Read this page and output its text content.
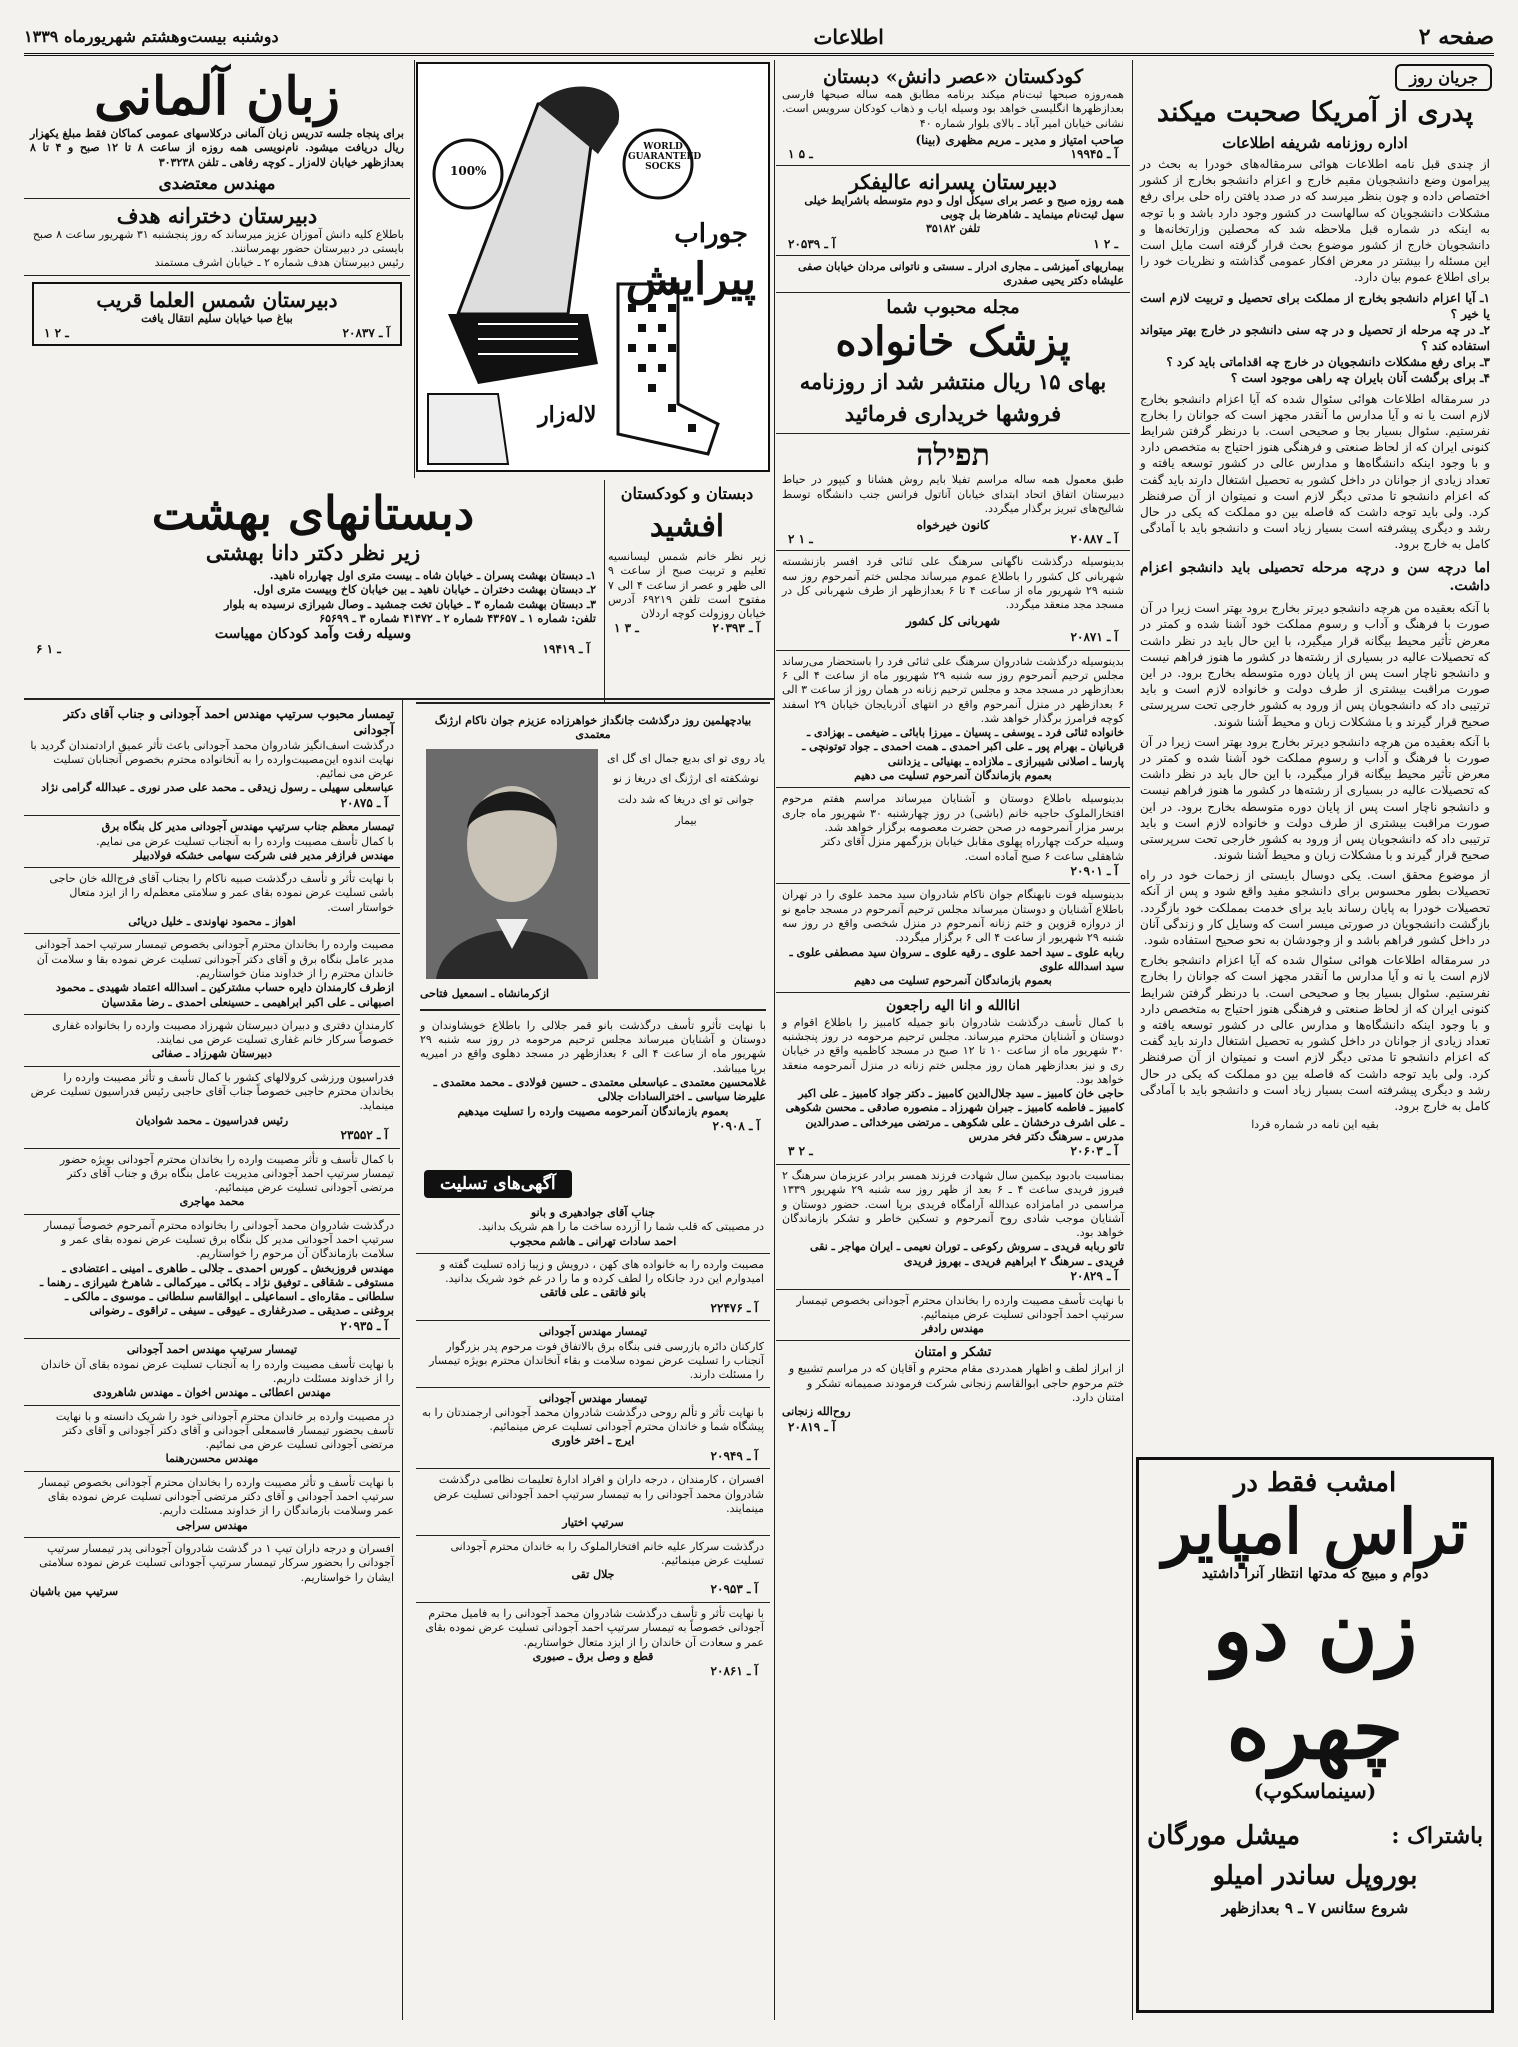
صفحه ۲
اطلاعات
دوشنبه بیست‌وهشتم شهریورماه ۱۳۳۹
جریان روز
پدری از آمریکا صحبت میکند
اداره روزنامه شریفه اطلاعات

از چندی قبل نامه اطلاعات هوائی سرمقاله‌های خودرا به بحث در پیرامون وضع دانشجویان مقیم خارج و اعزام دانشجو بخارج از کشور اختصاص داده و چون بنظر میرسد که در صدد یافتن راه حلی برای رفع مشکلات دانشجویان که سالهاست در کشور وجود دارد باشد و با توجه به اینکه در شماره قبل ملاحظه شد که محصلین وزارتخانه‌ها و دانشجویان خارج از کشور موضوع بحث قرار گرفته است مایل است این مسئله را بیشتر در معرض افکار عمومی گذاشته و نظریات خود را برای اطلاع عموم بیان دارد.

۱ـ آیا اعزام دانشجو بخارج از مملکت برای تحصیل و تربیت لازم است یا خیر ؟

۲ـ در چه مرحله از تحصیل و در چه سنی دانشجو در خارج بهتر میتواند استفاده کند ؟

۳ـ برای رفع مشکلات دانشجویان در خارج چه اقداماتی باید کرد ؟

۴ـ برای برگشت آنان بایران چه راهی موجود است ؟

در سرمقاله اطلاعات هوائی سئوال شده که آیا اعزام دانشجو بخارج لازم است یا نه و آیا مدارس ما آنقدر مجهز است که جوانان را بخارج نفرستیم. سئوال بسیار بجا و صحیحی است. با درنظر گرفتن شرایط کنونی ایران که از لحاظ صنعتی و فرهنگی هنوز احتیاج به متخصص دارد و با وجود اینکه دانشگاه‌ها و مدارس عالی در کشور توسعه یافته و تعداد زیادی از جوانان در داخل کشور به تحصیل اشتغال دارند باید گفت که اعزام دانشجو تا مدتی دیگر لازم است و نمیتوان از آن صرفنظر کرد. ولی باید توجه داشت که فاصله بین دو مملکت که یکی در حال رشد و دیگری پیشرفته است بسیار زیاد است و دانشجو باید با آمادگی کامل به خارج برود.

اما درچه سن و درچه مرحله تحصیلی باید دانشجو اعزام داشت.

با آنکه بعقیده من هرچه دانشجو دیرتر بخارج برود بهتر است زیرا در آن صورت با فرهنگ و آداب و رسوم مملکت خود آشنا شده و کمتر در معرض تأثیر محیط بیگانه قرار میگیرد، با این حال باید در نظر داشت که تحصیلات عالیه در بسیاری از رشته‌ها در کشور ما هنوز فراهم نیست و دانشجو ناچار است پس از پایان دوره متوسطه بخارج برود. در این صورت مراقبت بیشتری از طرف دولت و خانواده لازم است و باید ترتیبی داد که دانشجویان پس از ورود به کشور خارجی تحت سرپرستی صحیح قرار گیرند و با مشکلات زبان و محیط آشنا شوند.

با آنکه بعقیده من هرچه دانشجو دیرتر بخارج برود بهتر است زیرا در آن صورت با فرهنگ و آداب و رسوم مملکت خود آشنا شده و کمتر در معرض تأثیر محیط بیگانه قرار میگیرد، با این حال باید در نظر داشت که تحصیلات عالیه در بسیاری از رشته‌ها در کشور ما هنوز فراهم نیست و دانشجو ناچار است پس از پایان دوره متوسطه بخارج برود. در این صورت مراقبت بیشتری از طرف دولت و خانواده لازم است و باید ترتیبی داد که دانشجویان پس از ورود به کشور خارجی تحت سرپرستی صحیح قرار گیرند و با مشکلات زبان و محیط آشنا شوند.

از موضوع محقق است. یکی دوسال بایستی از زحمات خود در راه تحصیلات بطور محسوس برای دانشجو مفید واقع شود و پس از آنکه تحصیلات خودرا به پایان رساند باید برای خدمت بمملکت خود بازگردد. بازگشت دانشجویان در صورتی میسر است که وسایل کار و زندگی آنان در داخل کشور فراهم باشد و از وجودشان به نحو صحیح استفاده شود.

در سرمقاله اطلاعات هوائی سئوال شده که آیا اعزام دانشجو بخارج لازم است یا نه و آیا مدارس ما آنقدر مجهز است که جوانان را بخارج نفرستیم. سئوال بسیار بجا و صحیحی است. با درنظر گرفتن شرایط کنونی ایران که از لحاظ صنعتی و فرهنگی هنوز احتیاج به متخصص دارد و با وجود اینکه دانشگاه‌ها و مدارس عالی در کشور توسعه یافته و تعداد زیادی از جوانان در داخل کشور به تحصیل اشتغال دارند باید گفت که اعزام دانشجو تا مدتی دیگر لازم است و نمیتوان از آن صرفنظر کرد. ولی باید توجه داشت که فاصله بین دو مملکت که یکی در حال رشد و دیگری پیشرفته است بسیار زیاد است و دانشجو باید با آمادگی کامل به خارج برود.

بقیه این نامه در شماره فردا

امشب فقط در
تراس امپایر
دوام و مبیج که مدتها انتظار آنرا داشتید
زن دو چهره
(سینماسکوپ)
باشتراک :
میشل مورگان
بوروپل ساندر امیلو
شروع سئانس ۷ ـ ۹ بعدازظهر
کودکستان «عصر دانش» دبستان
همه‌روزه صبحها ثبت‌نام میکند برنامه مطابق همه ساله صبحها فارسی بعدازظهرها انگلیسی خواهد بود وسیله ایاب و ذهاب کودکان سرویس است. نشانی خیابان امیر آباد ـ بالای بلوار شماره ۴۰
صاحب امتیاز و مدیر ـ مریم مظهری (بینا)
۱ ـ ۵	آ ـ ۱۹۹۴۵
دبیرستان پسرانه عالیفکر
همه روزه صبح و عصر برای سیکل اول و دوم متوسطه باشرایط خیلی سهل ثبت‌نام مینماید ـ شاهرضا بل چوبی
تلفن ۳۵۱۸۲
آ ـ ۲۰۵۳۹	۱ ـ ۲
بیماریهای آمیزشی ـ مجاری ادرار ـ سستی و ناتوانی مردان خیابان صفی علیشاه دکتر یحیی صفدری
مجله محبوب شما
پزشک خانواده
بهای ۱۵ ریال منتشر شد از روزنامه فروشها خریداری فرمائید
תפילה
طبق معمول همه ساله مراسم تفیلا بایم روش هشانا و کیپور در حیاط دبیرستان اتفاق اتحاد ابتدای خیابان آناتول فرانس جنب دانشگاه توسط شالیح‌های تبریز برگذار میگردد.
کانون خیرخواه
۲ ـ ۱	آ ـ ۲۰۸۸۷

بدینوسیله درگذشت ناگهانی سرهنگ علی ثنائی فرد افسر بازنشسته شهربانی کل کشور را باطلاع عموم میرساند مجلس ختم آنمرحوم روز سه شنبه ۲۹ شهریور ماه از ساعت ۴ تا ۶ بعدازظهر از طرف شهربانی کل در مسجد مجد منعقد میگردد.

شهربانی کل کشور
آ ـ ۲۰۸۷۱

بدینوسیله درگذشت شادروان سرهنگ علی ثنائی فرد را باستحضار می‌رساند مجلس ترحیم آنمرحوم روز سه شنبه ۲۹ شهریور ماه از ساعت ۴ الی ۶ بعدازظهر در مسجد مجد و مجلس ترحیم زنانه در همان روز از ساعت ۳ الی ۶ بعدازظهر در منزل آنمرحوم واقع در انتهای آذربایجان خیابان ۲۹ اسفند کوچه فرامرز برگذار خواهد شد.

خانواده ثنائی فرد ـ یوسفی ـ پسیان ـ میرزا بابائی ـ ضیغمی ـ بهزادی ـ قربانیان ـ بهرام پور ـ علی اکبر احمدی ـ همت احمدی ـ جواد توتونچی ـ پارسا ـ اصلانی شیبرازی ـ ملازاده ـ بهنیائی ـ یزداننی

بعموم بازماندگان آنمرحوم تسلیت می دهیم

بدینوسیله باطلاع دوستان و آشنایان میرساند مراسم هفتم مرحوم افتخارالملوک حاجیه خانم (باشی) در روز چهارشنبه ۳۰ شهریور ماه جاری برسر مزار آنمرحومه در صحن حضرت معصومه برگزار خواهد شد.

وسیله حرکت چهارراه پهلوی مقابل خیابان بزرگمهر منزل آقای دکتر شاهقلی ساعت ۶ صبح آماده است.

آ ـ ۲۰۹۰۱

بدینوسیله فوت نابهنگام جوان ناکام شادروان سید محمد علوی را در تهران باطلاع آشنایان و دوستان میرساند مجلس ترحیم آنمرحوم در مسجد جامع نو از دروازه قزوین و ختم زنانه آنمرحوم در منزل شخصی واقع در روز سه شنبه ۲۹ شهریور از ساعت ۴ الی ۶ برگزار میگردد.

ربابه علوی ـ سید احمد علوی ـ رقیه علوی ـ سروان سید مصطفی علوی ـ سید اسدالله علوی

بعموم بازماندگان آنمرحوم تسلیت می دهیم

اناالله و انا الیه راجعون

با کمال تأسف درگذشت شادروان بانو جمیله کامبیز را باطلاع اقوام و دوستان و آشنایان محترم میرساند. مجلس ترحیم مرحومه در روز پنجشنبه ۳۰ شهریور ماه از ساعت ۱۰ تا ۱۲ صبح در مسجد کاظمیه واقع در خیابان ری و نیز بعدازظهر همان روز مجلس ختم زنانه در منزل آنمرحومه منعقد خواهد بود.

حاجی خان کامبیز ـ سید جلال‌الدین کامبیز ـ دکتر جواد کامبیز ـ علی اکبر کامبیز ـ فاطمه کامبیز ـ جبران شهرزاد ـ منصوره صادقی ـ محسن شکوهی ـ علی اشرف درخشان ـ علی شکوهی ـ مرتضی میرخدائی ـ صدرالدین مدرس ـ سرهنگ دکتر فخر مدرس

۳ ـ ۲	آ ـ ۲۰۶۰۳

بمناسبت بادبود بیکمین سال شهادت فرزند همسر برادر عزیزمان سرهنگ ۲ فیروز فریدی ساعت ۴ ـ ۶ بعد از ظهر روز سه شنبه ۲۹ شهریور ۱۳۳۹ مراسمی در امامزاده عبدالله آرامگاه فریدی برپا است. حضور دوستان و آشنایان موجب شادی روح آنمرحوم و تسکین خاطر و تشکر بازماندگان خواهد بود.

تاتو ربابه فریدی ـ سروش رکوعی ـ توران نعیمی ـ ایران مهاجر ـ نقی فریدی ـ سرهنگ ۲ ابراهیم فریدی ـ بهروز فریدی

آ ـ ۲۰۸۲۹

با نهایت تأسف مصیبت وارده را بخاندان محترم آجودانی بخصوص تیمسار سرتیپ احمد آجودانی تسلیت عرض مینمائیم.

مهندس رادفر

تشکر و امتنان

از ابراز لطف و اظهار همدردی مقام محترم و آقایان که در مراسم تشییع و ختم مرحوم حاجی ابوالقاسم زنجانی شرکت فرمودند صمیمانه تشکر و امتنان دارد.

روح‌الله زنجانی

آ ـ ۲۰۸۱۹
100%
WORLD GUARANTEED SOCKS
جوراب
پیرایش
لاله‌زار
دبستان و کودکستان
افشید
زیر نظر خانم شمس لیسانسیه تعلیم و تربیت صبح از ساعت ۹ الی ظهر و عصر از ساعت ۴ الی ۷ مفتوح است تلفن ۶۹۲۱۹ آدرس خیابان روزولت کوچه اردلان
۱ ـ ۳	آ ـ ۲۰۳۹۳
بیادچهلمین روز درگذشت جانگداز خواهرزاده عزیزم جوان ناکام ارژنگ معتمدی
یاد روی تو ای بدیع جمال ای گل ای نوشکفته ای ارژنگ ای دریغا ز نو جوانی تو ای دریغا که شد دلت بیمار
ازکرمانشاه ـ اسمعیل فتاحی

با نهایت تأثرو تأسف درگذشت بانو قمر جلالی را باطلاع خویشاوندان و دوستان و آشنایان میرساند مجلس ترحیم مرحومه در روز سه شنبه ۲۹ شهریور ماه از ساعت ۴ الی ۶ بعدازظهر در مسجد دهلوی واقع در امیریه برپا میباشد.

غلامحسین معتمدی ـ عباسعلی معتمدی ـ حسین فولادی ـ محمد معتمدی ـ علیرضا سیاسی ـ اخترالسادات جلالی

بعموم بازماندگان آنمرحومه مصیبت وارده را تسلیت میدهیم

آ ـ ۲۰۹۰۸
آگهی‌های تسلیت
جناب آقای جوادهیری و بانو

در مصیبتی که قلب شما را آزرده ساخت ما را هم شریک بدانید.

احمد سادات تهرانی ـ هاشم محجوب

مصیبت وارده را به خانواده های کهن ، درویش و زیبا زاده تسلیت گفته و امیدوارم این درد جانکاه را لطف کرده و ما را در غم خود شریک بدانید.

بانو فاتقی ـ علی فاتقی

آ ـ ۲۲۴۷۶
تیمسار مهندس آجودانی

کارکنان دائره بازرسی فنی بنگاه برق بالاتفاق فوت مرحوم پدر بزرگوار آنجناب را تسلیت عرض نموده سلامت و بقاء آنخاندان محترم بویژه تیمسار را مسئلت دارند.

تیمسار مهندس آجودانی

با نهایت تأثر و تألم روحی درگذشت شادروان محمد آجودانی ارجمندتان را به پیشگاه شما و خاندان محترم آجودانی تسلیت عرض مینمائیم.

ایرج ـ اختر خاوری

آ ـ ۲۰۹۴۹

افسران ، کارمندان ، درجه داران و افراد ادارهٔ تعلیمات نظامی درگذشت شادروان محمد آجودانی را به تیمسار سرتیپ احمد آجودانی تسلیت عرض مینمایند.

سرتیپ اختیار

درگذشت سرکار علیه خانم افتخارالملوک را به خاندان محترم آجودانی تسلیت عرض مینمائیم.

جلال تقی

آ ـ ۲۰۹۵۳

با نهایت تأثر و تأسف درگذشت شادروان محمد آجودانی را به فامیل محترم آجودانی خصوصاً به تیمسار سرتیپ احمد آجودانی تسلیت عرض نموده بقای عمر و سعادت آن خاندان را از ایزد متعال خواستاریم.

قطع و وصل برق ـ صبوری

آ ـ ۲۰۸۶۱
زبان آلمانی
برای پنجاه جلسه تدریس زبان آلمانی درکلاسهای عمومی کماکان فقط مبلغ یکهزار ریال دریافت میشود. نام‌نویسی همه روزه از ساعت ۸ تا ۱۲ صبح و ۴ تا ۸ بعدازظهر خیابان لاله‌زار ـ کوچه رفاهی ـ تلفن ۳۰۳۲۳۸
مهندس معتضدی
دبیرستان دخترانه هدف
باطلاع کلیه دانش آموزان عزیز میرساند که روز پنجشنبه ۳۱ شهریور ساعت ۸ صبح بایستی در دبیرستان حضور بهمرسانند.
رئیس دبیرستان هدف شماره ۲ ـ خیابان اشرف مستمند
دبیرستان شمس العلما قریب
بباغ صبا خیابان سلیم انتقال یافت
۱ ـ ۲	آ ـ ۲۰۸۳۷
دبستانهای بهشت
زیر نظر دکتر دانا بهشتی
۱ـ دبستان بهشت پسران ـ خیابان شاه ـ بیست متری اول چهارراه ناهید.
۲ـ دبستان بهشت دختران ـ خیابان ناهید ـ بین خیابان کاخ وبیست متری اول.
۳ـ دبستان بهشت شماره ۳ ـ خیابان تخت جمشید ـ وصال شیرازی نرسیده به بلوار
تلفن: شماره ۱ ـ ۴۳۶۵۷ شماره ۲ ـ ۴۱۴۷۲ شماره ۳ ـ ۶۵۶۹۹
وسیله رفت وآمد کودکان مهیاست
۶ ـ ۱	آ ـ ۱۹۴۱۹
تیمسار محبوب سرتیپ مهندس احمد آجودانی و جناب آقای دکتر آجودانی

درگذشت اسف‌انگیز شادروان محمد آجودانی باعث تأثر عمیق ارادتمندان گردید با نهایت اندوه این‌مصیبت‌وارده را به آنخانواده محترم بخصوص آنجنابان تسلیت عرض می نمائیم.

عباسعلی سهیلی ـ رسول زیدقی ـ محمد علی صدر نوری ـ عبدالله گرامی نژاد

آ ـ ۲۰۸۷۵
تیمسار معظم جناب سرتیپ مهندس آجودانی مدیر کل بنگاه برق

با کمال تأسف مصیبت وارده را به آنجناب تسلیت عرض می نمایم.

مهندس فرازفر مدیر فنی شرکت سهامی خشکه فولادبیلر

با نهایت تأثر و تأسف درگذشت صبیه ناکام را بجناب آقای فرج‌الله خان حاجی باشی تسلیت عرض نموده بقای عمر و سلامتی معظم‌له را از ایزد متعال خواستار است.

اهواز ـ محمود نهاوندی ـ خلیل دریائی

مصیبت وارده را بخاندان محترم آجودانی بخصوص تیمسار سرتیپ احمد آجودانی مدیر عامل بنگاه برق و آقای دکتر آجودانی تسلیت عرض نموده بقا و سلامت آن خاندان محترم را از خداوند منان خواستاریم.

ازطرف کارمندان دایره حساب مشترکین ـ اسدالله اعتماد شهیدی ـ محمود اصبهانی ـ علی اکبر ابراهیمی ـ حسینعلی احمدی ـ رضا مقدسیان

کارمندان دفتری و دبیران دبیرستان شهرزاد مصیبت وارده را بخانواده غفاری خصوصاً سرکار خانم غفاری تسلیت عرض می نمایند.

دبیرستان شهرزاد ـ صفائی

فدراسیون ورزشی کرولالهای کشور با کمال تأسف و تأثر مصیبت وارده را بخاندان محترم حاجبی خصوصاً جناب آقای حاجبی رئیس فدراسیون تسلیت عرض مینماید.

رئیس فدراسیون ـ محمد شوادیان

آ ـ ۲۳۵۵۲

با کمال تأسف و تأثر مصیبت وارده را بخاندان محترم آجودانی بویژه حضور تیمسار سرتیپ احمد آجودانی مدیریت عامل بنگاه برق و جناب آقای دکتر مرتضی آجودانی تسلیت عرض مینمائیم.

محمد مهاجری

درگذشت شادروان محمد آجودانی را بخانواده محترم آنمرحوم خصوصاً تیمسار سرتیپ احمد آجودانی مدیر کل بنگاه برق تسلیت عرض نموده بقای عمر و سلامت بازماندگان آن مرحوم را خواستاریم.

مهندس فروزبخش ـ کورس احمدی ـ جلالی ـ طاهری ـ امینی ـ اعتضادی ـ مستوفی ـ شقاقی ـ توفیق نژاد ـ بکائی ـ میرکمالی ـ شاهرخ شیرازی ـ رهنما ـ سلطانی ـ مقاره‌ای ـ اسماعیلی ـ ابوالقاسم سلطانی ـ موسوی ـ مالکی ـ بروغنی ـ صدیقی ـ صدرغفاری ـ عیوقی ـ سیفی ـ تراقوی ـ رضوانی

آ ـ ۲۰۹۳۵
تیمسار سرتیپ مهندس احمد آجودانی

با نهایت تأسف مصیبت وارده را به آنجناب تسلیت عرض نموده بقای آن خاندان را از خداوند مسئلت داریم.

مهندس اعطائی ـ مهندس اخوان ـ مهندس شاهرودی

در مصیبت وارده بر خاندان محترم آجودانی خود را شریک دانسته و با نهایت تأسف بحضور تیمسار قاسمعلی آجودانی و آقای دکتر آجودانی و آقای دکتر مرتضی آجودانی تسلیت عرض می نمائیم.

مهندس محسن‌رهنما

با نهایت تأسف و تأثر مصیبت وارده را بخاندان محترم آجودانی بخصوص تیمسار سرتیپ احمد آجودانی و آقای دکتر مرتضی آجودانی تسلیت عرض نموده بقای عمر وسلامت بازماندگان را از خداوند مسئلت داریم.

مهندس سراجی

افسران و درجه داران تیپ ۱ در گذشت شادروان آجودانی پدر تیمسار سرتیپ آجودانی را بحضور سرکار تیمسار سرتیپ آجودانی تسلیت عرض نموده سلامتی ایشان را خواستاریم.

سرتیپ مین باشیان
